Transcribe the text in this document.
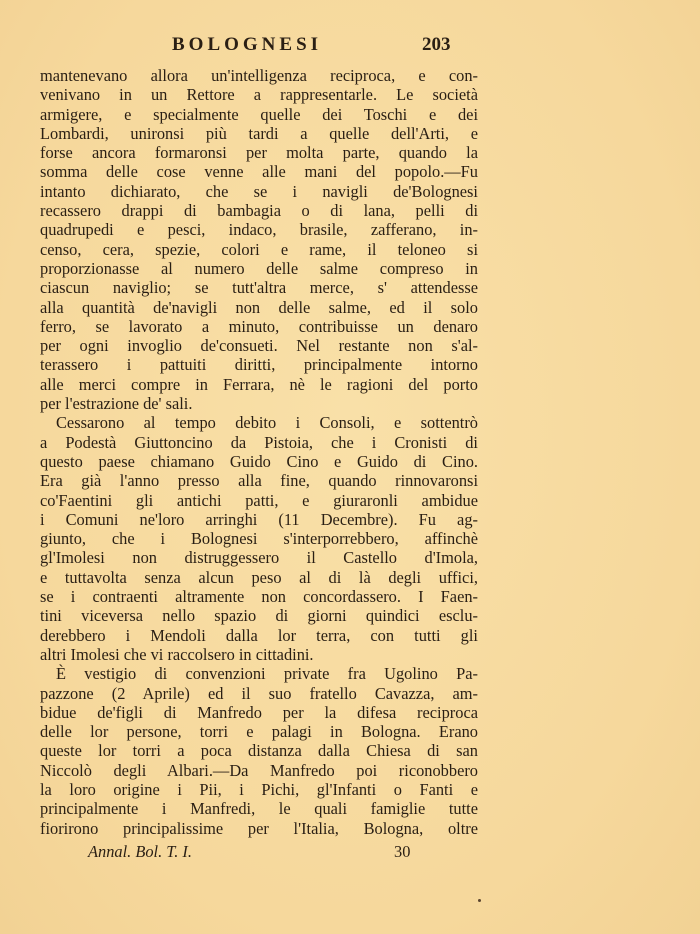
BOLOGNESI	203
mantenevano allora un'intelligenza reciproca, e con-
venivano in un Rettore a rappresentarle. Le società
armigere, e specialmente quelle dei Toschi e dei
Lombardi, unironsi più tardi a quelle dell'Arti, e
forse ancora formaronsi per molta parte, quando la
somma delle cose venne alle mani del popolo.—Fu
intanto dichiarato, che se i navigli de'Bolognesi
recassero drappi di bambagia o di lana, pelli di
quadrupedi e pesci, indaco, brasile, zafferano, in-
censo, cera, spezie, colori e rame, il teloneo si
proporzionasse al numero delle salme compreso in
ciascun naviglio; se tutt'altra merce, s' attendesse
alla quantità de'navigli non delle salme, ed il solo
ferro, se lavorato a minuto, contribuisse un denaro
per ogni invoglio de'consueti. Nel restante non s'al-
terassero i pattuiti diritti, principalmente intorno
alle merci compre in Ferrara, nè le ragioni del porto
per l'estrazione de' sali.
Cessarono al tempo debito i Consoli, e sottentrò
a Podestà Giuttoncino da Pistoia, che i Cronisti di
questo paese chiamano Guido Cino e Guido di Cino.
Era già l'anno presso alla fine, quando rinnovaronsi
co'Faentini gli antichi patti, e giuraronli ambidue
i Comuni ne'loro arringhi (11 Decembre). Fu ag-
giunto, che i Bolognesi s'interporrebbero, affinchè
gl'Imolesi non distruggessero il Castello d'Imola,
e tuttavolta senza alcun peso al di là degli uffici,
se i contraenti altramente non concordassero. I Faen-
tini viceversa nello spazio di giorni quindici esclu-
derebbero i Mendoli dalla lor terra, con tutti gli
altri Imolesi che vi raccolsero in cittadini.
È vestigio di convenzioni private fra Ugolino Pa-
pazzone (2 Aprile) ed il suo fratello Cavazza, am-
bidue de'figli di Manfredo per la difesa reciproca
delle lor persone, torri e palagi in Bologna. Erano
queste lor torri a poca distanza dalla Chiesa di san
Niccolò degli Albari.—Da Manfredo poi riconobbero
la loro origine i Pii, i Pichi, gl'Infanti o Fanti e
principalmente i Manfredi, le quali famiglie tutte
fiorirono principalissime per l'Italia, Bologna, oltre
Annal. Bol. T. I.	30
